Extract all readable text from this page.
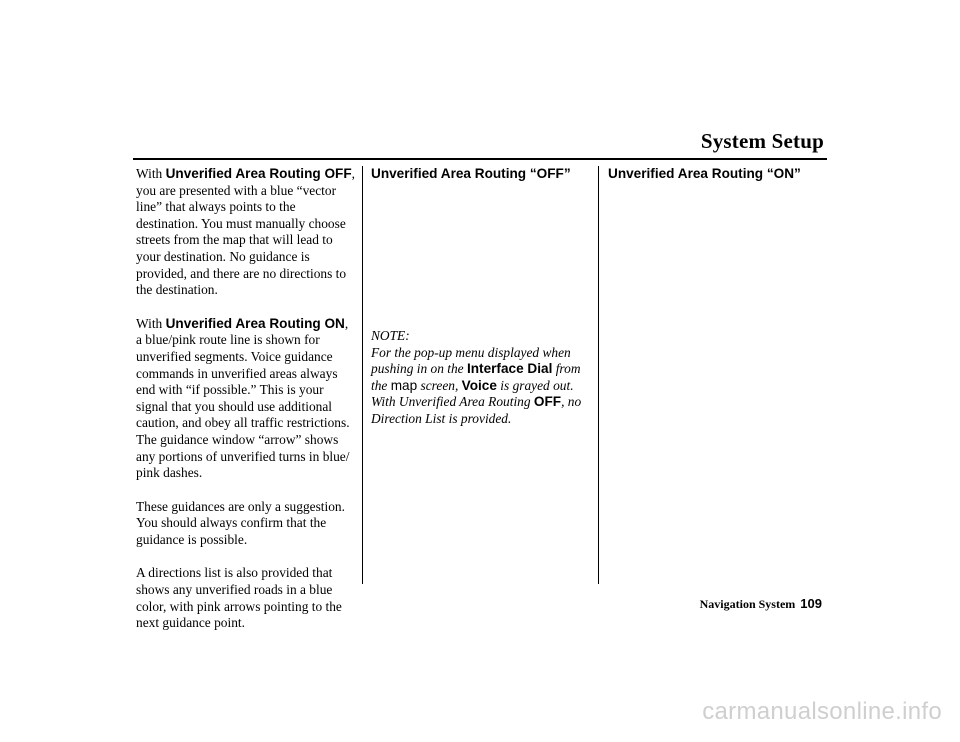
System Setup

With Unverified Area Routing OFF, you are presented with a blue “vector line” that always points to the destination. You must manually choose streets from the map that will lead to your destination. No guidance is provided, and there are no directions to the destination.

With Unverified Area Routing ON, a blue/pink route line is shown for unverified segments. Voice guidance commands in unverified areas always end with “if possible.” This is your signal that you should use additional caution, and obey all traffic restrictions. The guidance window “arrow” shows any portions of unverified turns in blue/ pink dashes.

These guidances are only a suggestion. You should always confirm that the guidance is possible.

A directions list is also provided that shows any unverified roads in a blue color, with pink arrows pointing to the next guidance point.

Unverified Area Routing “OFF”

NOTE:

For the pop-up menu displayed when pushing in on the Interface Dial from the map screen, Voice is grayed out. With Unverified Area Routing OFF, no Direction List is provided.

Unverified Area Routing “ON”

Navigation System 109
carmanualsonline.info
